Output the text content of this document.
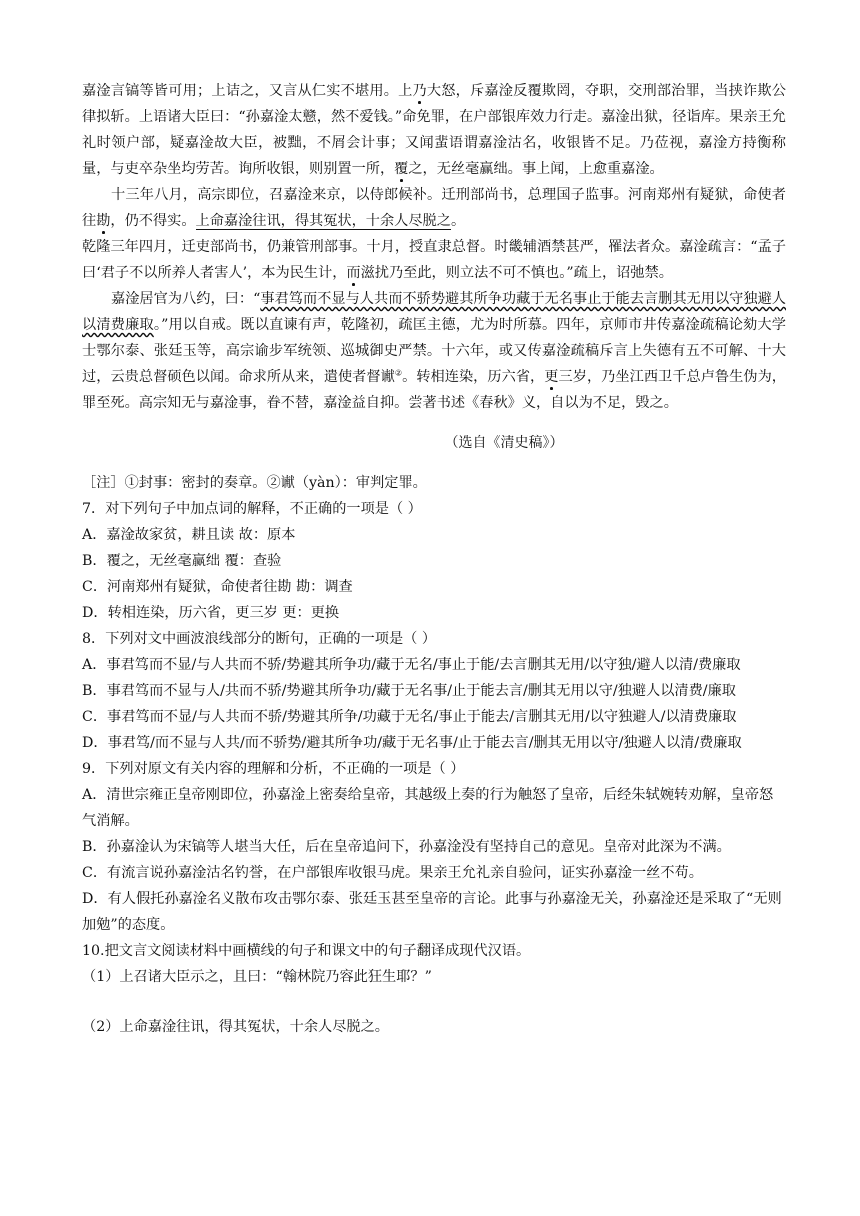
嘉淦言镐等皆可用；上诘之，又言从仁实不堪用。上乃大怒，斥嘉淦反覆欺罔，夺职，交刑部治罪，当挟诈欺公律拟斩。上语诸大臣曰：“孙嘉淦太戆，然不爱钱。”命免罪，在户部银库效力行走。嘉淦出狱，径诣库。果亲王允礼时领户部，疑嘉淦故大臣，被黜，不屑会计事；又闻蜚语谓嘉淦沽名，收银皆不足。乃莅视，嘉淦方持衡称量，与吏卒杂坐均劳苦。询所收银，则别置一所，覆之，无丝毫赢绌。事上闻，上愈重嘉淦。

十三年八月，高宗即位，召嘉淦来京，以侍郎候补。迁刑部尚书，总理国子监事。河南郑州有疑狱，命使者往勘，仍不得实。上命嘉淦往讯，得其冤状，十余人尽脱之。

乾隆三年四月，迁吏部尚书，仍兼管刑部事。十月，授直隶总督。时畿辅酒禁甚严，罹法者众。嘉淦疏言：“孟子曰‘君子不以所养人者害人’，本为民生计，而滋扰乃至此，则立法不可不慎也。”疏上，诏弛禁。

嘉淦居官为八约，曰：“事君笃而不显与人共而不骄势避其所争功藏于无名事止于能去言删其无用以守独避人以清费廉取。”用以自戒。既以直谏有声，乾隆初，疏匡主德，尤为时所慕。四年，京师市井传嘉淦疏稿论劾大学士鄂尔泰、张廷玉等，高宗谕步军统领、巡城御史严禁。十六年，或又传嘉淦疏稿斥言上失德有五不可解、十大过，云贵总督硕色以闻。命求所从来，遣使者督谳②。转相连染，历六省，更三岁，乃坐江西卫千总卢鲁生伪为，罪至死。高宗知无与嘉淦事，眷不替，嘉淦益自抑。尝著书述《春秋》义，自以为不足，毁之。

（选自《清史稿》）

［注］①封事：密封的奏章。②谳（yàn）：审判定罪。

7．对下列句子中加点词的解释，不正确的一项是（ ）

A．嘉淦故家贫，耕且读 故：原本

B．覆之，无丝毫赢绌 覆：查验

C．河南郑州有疑狱，命使者往勘 勘：调查

D．转相连染，历六省，更三岁 更：更换

8．下列对文中画波浪线部分的断句，正确的一项是（ ）

A．事君笃而不显/与人共而不骄/势避其所争功/藏于无名/事止于能/去言删其无用/以守独/避人以清/费廉取

B．事君笃而不显与人/共而不骄/势避其所争功/藏于无名事/止于能去言/删其无用以守/独避人以清费/廉取

C．事君笃而不显/与人共而不骄/势避其所争/功藏于无名/事止于能去/言删其无用/以守独避人/以清费廉取

D．事君笃/而不显与人共/而不骄势/避其所争功/藏于无名事/止于能去言/删其无用以守/独避人以清/费廉取

9．下列对原文有关内容的理解和分析，不正确的一项是（ ）

A．清世宗雍正皇帝刚即位，孙嘉淦上密奏给皇帝，其越级上奏的行为触怒了皇帝，后经朱轼婉转劝解，皇帝怒气消解。

B．孙嘉淦认为宋镐等人堪当大任，后在皇帝追问下，孙嘉淦没有坚持自己的意见。皇帝对此深为不满。

C．有流言说孙嘉淦沽名钓誉，在户部银库收银马虎。果亲王允礼亲自验问，证实孙嘉淦一丝不苟。

D．有人假托孙嘉淦名义散布攻击鄂尔泰、张廷玉甚至皇帝的言论。此事与孙嘉淦无关，孙嘉淦还是采取了“无则加勉”的态度。

10.把文言文阅读材料中画横线的句子和课文中的句子翻译成现代汉语。

（1）上召诸大臣示之，且曰：“翰林院乃容此狂生耶？”

（2）上命嘉淦往讯，得其冤状，十余人尽脱之。
